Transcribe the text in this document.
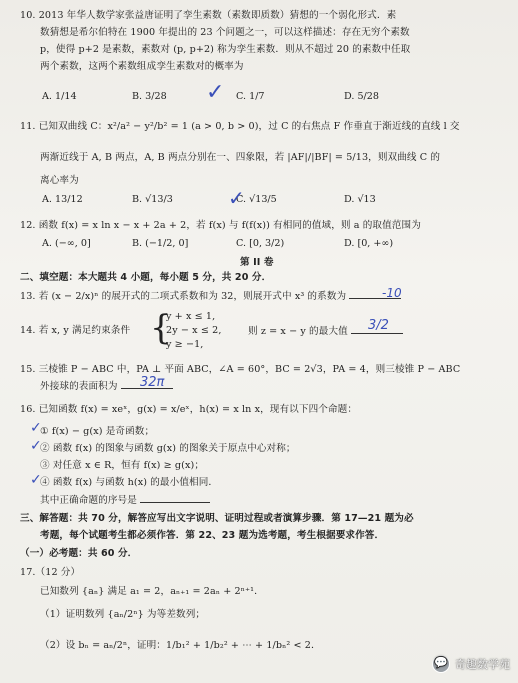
10. 2013 年华人数学家张益唐证明了孪生素数（素数即质数）猜想的一个弱化形式．素
数猜想是希尔伯特在 1900 年提出的 23 个问题之一，可以这样描述：存在无穷个素数
p，使得 p+2 是素数，素数对 (p, p+2) 称为孪生素数．则从不超过 20 的素数中任取
两个素数，这两个素数组成孪生素数对的概率为
A. 1/14	B. 3/28	C. 1/7	D. 5/28
✓
11. 已知双曲线 C：x²/a² − y²/b² = 1 (a > 0, b > 0)，过 C 的右焦点 F 作垂直于渐近线的直线 l 交
两渐近线于 A, B 两点，A, B 两点分别在一、四象限，若 |AF|/|BF| = 5/13，则双曲线 C 的
离心率为
A. 13/12	B. √13/3	C. √13/5	D. √13
✓
12. 函数 f(x) = x ln x − x + 2a + 2，若 f(x) 与 f(f(x)) 有相同的值域，则 a 的取值范围为
A. (−∞, 0]	B. (−1/2, 0]	C. [0, 3/2)	D. [0, +∞)
第 II 卷
二、填空题：本大题共 4 小题，每小题 5 分，共 20 分．
13. 若 (x − 2/x)ⁿ 的展开式的二项式系数和为 32，则展开式中 x³ 的系数为	-10
14. 若 x, y 满足约束条件 {
y + x ≤ 1,
2y − x ≤ 2,
y ≥ −1,
则 z = x − y 的最大值	3/2
15. 三棱锥 P − ABC 中，PA ⊥ 平面 ABC，∠A = 60°，BC = 2√3，PA = 4，则三棱锥 P − ABC
外接球的表面积为	32π
16. 已知函数 f(x) = xeˣ，g(x) = x/eˣ，h(x) = x ln x，现有以下四个命题：
① f(x) − g(x) 是奇函数；
② 函数 f(x) 的图象与函数 g(x) 的图象关于原点中心对称；
③ 对任意 x ∈ R，恒有 f(x) ≥ g(x)；
④ 函数 f(x) 与函数 h(x) 的最小值相同．
其中正确命题的序号是
✓
✓
✓
三、解答题：共 70 分，解答应写出文字说明、证明过程或者演算步骤．第 17—21 题为必
考题，每个试题考生都必须作答．第 22、23 题为选考题，考生根据要求作答．
（一）必考题：共 60 分．
17.（12 分）
已知数列 {aₙ} 满足 a₁ = 2，aₙ₊₁ = 2aₙ + 2ⁿ⁺¹．
（1）证明数列 {aₙ/2ⁿ} 为等差数列；
（2）设 bₙ = aₙ/2ⁿ，证明：1/b₁² + 1/b₂² + ⋯ + 1/bₙ² < 2．
💬
奇趣数学苑
